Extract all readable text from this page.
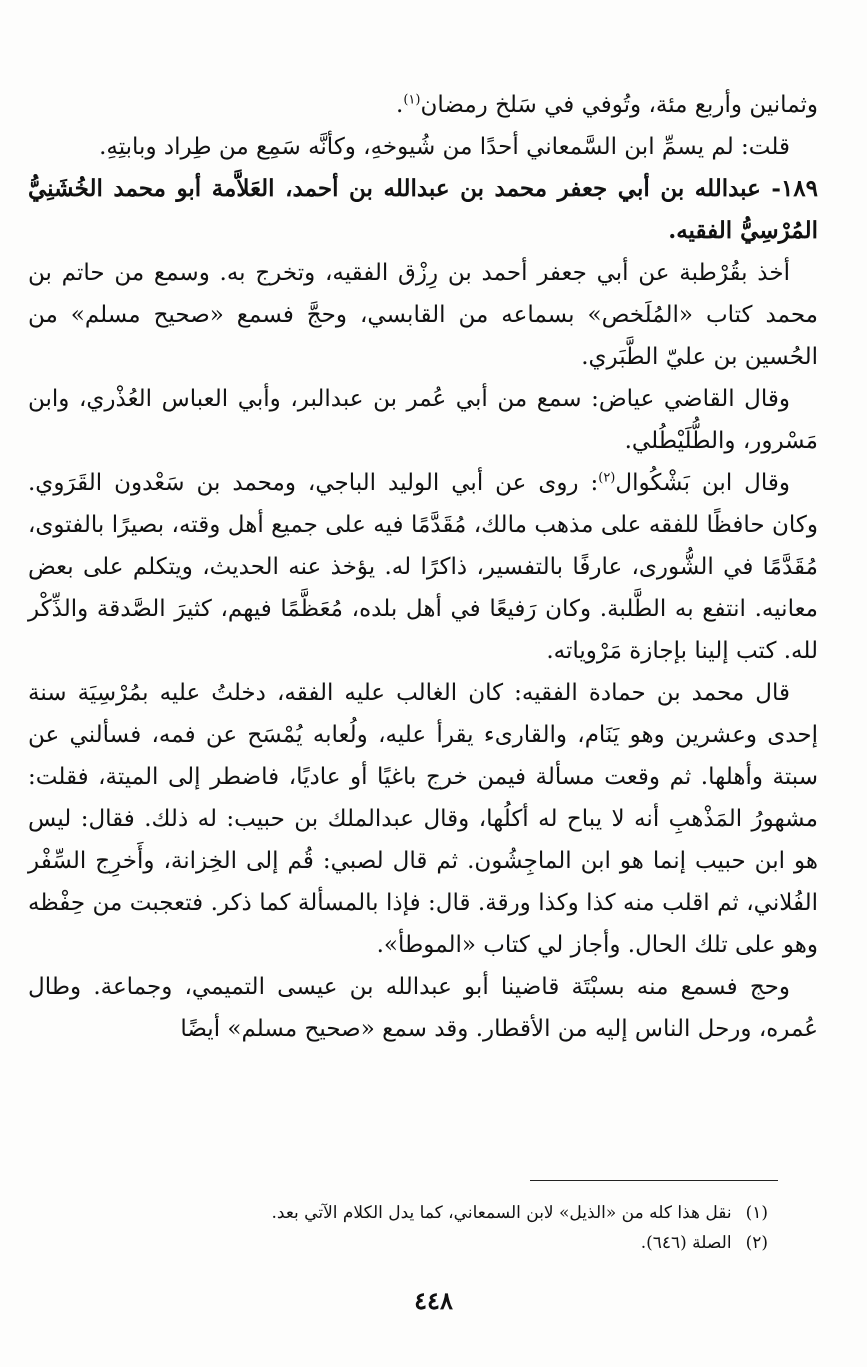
وثمانين وأربع مئة، وتُوفي في سَلخ رمضان$^{(١)}$.

قلت: لم يسمِّ ابن السَّمعاني أحدًا من شُيوخهِ، وكأنَّه سَمِع من طِراد وبابتِهِ.

١٨٩- عبدالله بن أبي جعفر محمد بن عبدالله بن أحمد، العَلاَّمة أبو محمد الخُشَنِيُّ المُرْسِيُّ الفقيه.

أخذ بقُرْطبة عن أبي جعفر أحمد بن رِزْق الفقيه، وتخرج به. وسمع من حاتم بن محمد كتاب «المُلَخص» بسماعه من القابسي، وحجَّ فسمع «صحيح مسلم» من الحُسين بن عليّ الطَّبَري.

وقال القاضي عياض: سمع من أبي عُمر بن عبدالبر، وأبي العباس العُذْري، وابن مَسْرور، والطُّلَيْطُلي.

وقال ابن بَشْكُوال$^{(٢)}$: روى عن أبي الوليد الباجي، ومحمد بن سَعْدون القَرَوي. وكان حافظًا للفقه على مذهب مالك، مُقَدَّمًا فيه على جميع أهل وقته، بصيرًا بالفتوى، مُقَدَّمًا في الشُّورى، عارفًا بالتفسير، ذاكرًا له. يؤخذ عنه الحديث، ويتكلم على بعض معانيه. انتفع به الطَّلبة. وكان رَفيعًا في أهل بلده، مُعَظَّمًا فيهم، كثيرَ الصَّدقة والذِّكْر لله. كتب إلينا بإجازة مَرْوياته.

قال محمد بن حمادة الفقيه: كان الغالب عليه الفقه، دخلتُ عليه بمُرْسِيَة سنة إحدى وعشرين وهو يَنَام، والقارىء يقرأ عليه، ولُعابه يُمْسَح عن فمه، فسألني عن سبتة وأهلها. ثم وقعت مسألة فيمن خرج باغيًا أو عاديًا، فاضطر إلى الميتة، فقلت: مشهورُ المَذْهبِ أنه لا يباح له أكلُها، وقال عبدالملك بن حبيب: له ذلك. فقال: ليس هو ابن حبيب إنما هو ابن الماجِشُون. ثم قال لصبي: قُم إلى الخِزانة، وأَخرِج السِّفْر الفُلاني، ثم اقلب منه كذا وكذا ورقة. قال: فإذا بالمسألة كما ذكر. فتعجبت من حِفْظه وهو على تلك الحال. وأجاز لي كتاب «الموطأ».

وحج فسمع منه بسبْتَة قاضينا أبو عبدالله بن عيسى التميمي، وجماعة. وطال عُمره، ورحل الناس إليه من الأقطار. وقد سمع «صحيح مسلم» أيضًا

(١)نقل هذا كله من «الذيل» لابن السمعاني، كما يدل الكلام الآتي بعد.
(٢)الصلة (٦٤٦).
٤٤٨
